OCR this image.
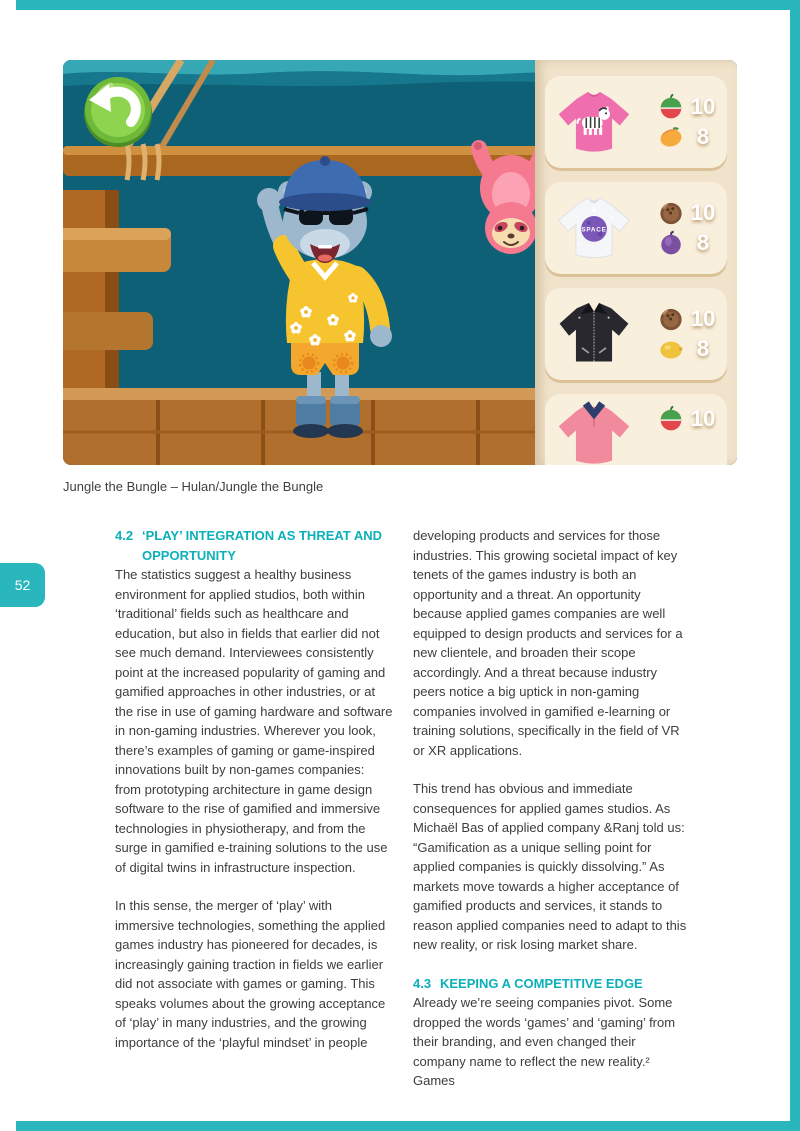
52
10
8
SPACE
10
8
10
8
10
Jungle the Bungle – Hulan/Jungle the Bungle
4.2 ‘PLAY’ INTEGRATION AS THREAT AND OPPORTUNITY

The statistics suggest a healthy business environment for applied studios, both within ‘traditional’ fields such as healthcare and education, but also in fields that earlier did not see much demand. Interviewees consistently point at the increased popularity of gaming and gamified approaches in other industries, or at the rise in use of gaming hardware and software in non-gaming industries. Wherever you look, there’s examples of gaming or game-inspired innovations built by non-games companies: from prototyping architecture in game design software to the rise of gamified and immersive technologies in physiotherapy, and from the surge in gamified e-training solutions to the use of digital twins in infrastructure inspection.

In this sense, the merger of ‘play’ with immersive technologies, something the applied games industry has pioneered for decades, is increasingly gaining traction in fields we earlier did not associate with games or gaming. This speaks volumes about the growing acceptance of ‘play’ in many industries, and the growing importance of the ‘playful mindset’ in people

developing products and services for those industries. This growing societal impact of key tenets of the games industry is both an opportunity and a threat. An opportunity because applied games companies are well equipped to design products and services for a new clientele, and broaden their scope accordingly. And a threat because industry peers notice a big uptick in non-gaming companies involved in gamified e-learning or training solutions, specifically in the field of VR or XR applications.

This trend has obvious and immediate consequences for applied games studios. As Michaël Bas of applied company &Ranj told us: “Gamification as a unique selling point for applied companies is quickly dissolving.” As markets move towards a higher acceptance of gamified products and services, it stands to reason applied companies need to adapt to this new reality, or risk losing market share.

4.3 KEEPING A COMPETITIVE EDGE

Already we’re seeing companies pivot. Some dropped the words ‘games’ and ‘gaming’ from their branding, and even changed their company name to reflect the new reality.² Games
